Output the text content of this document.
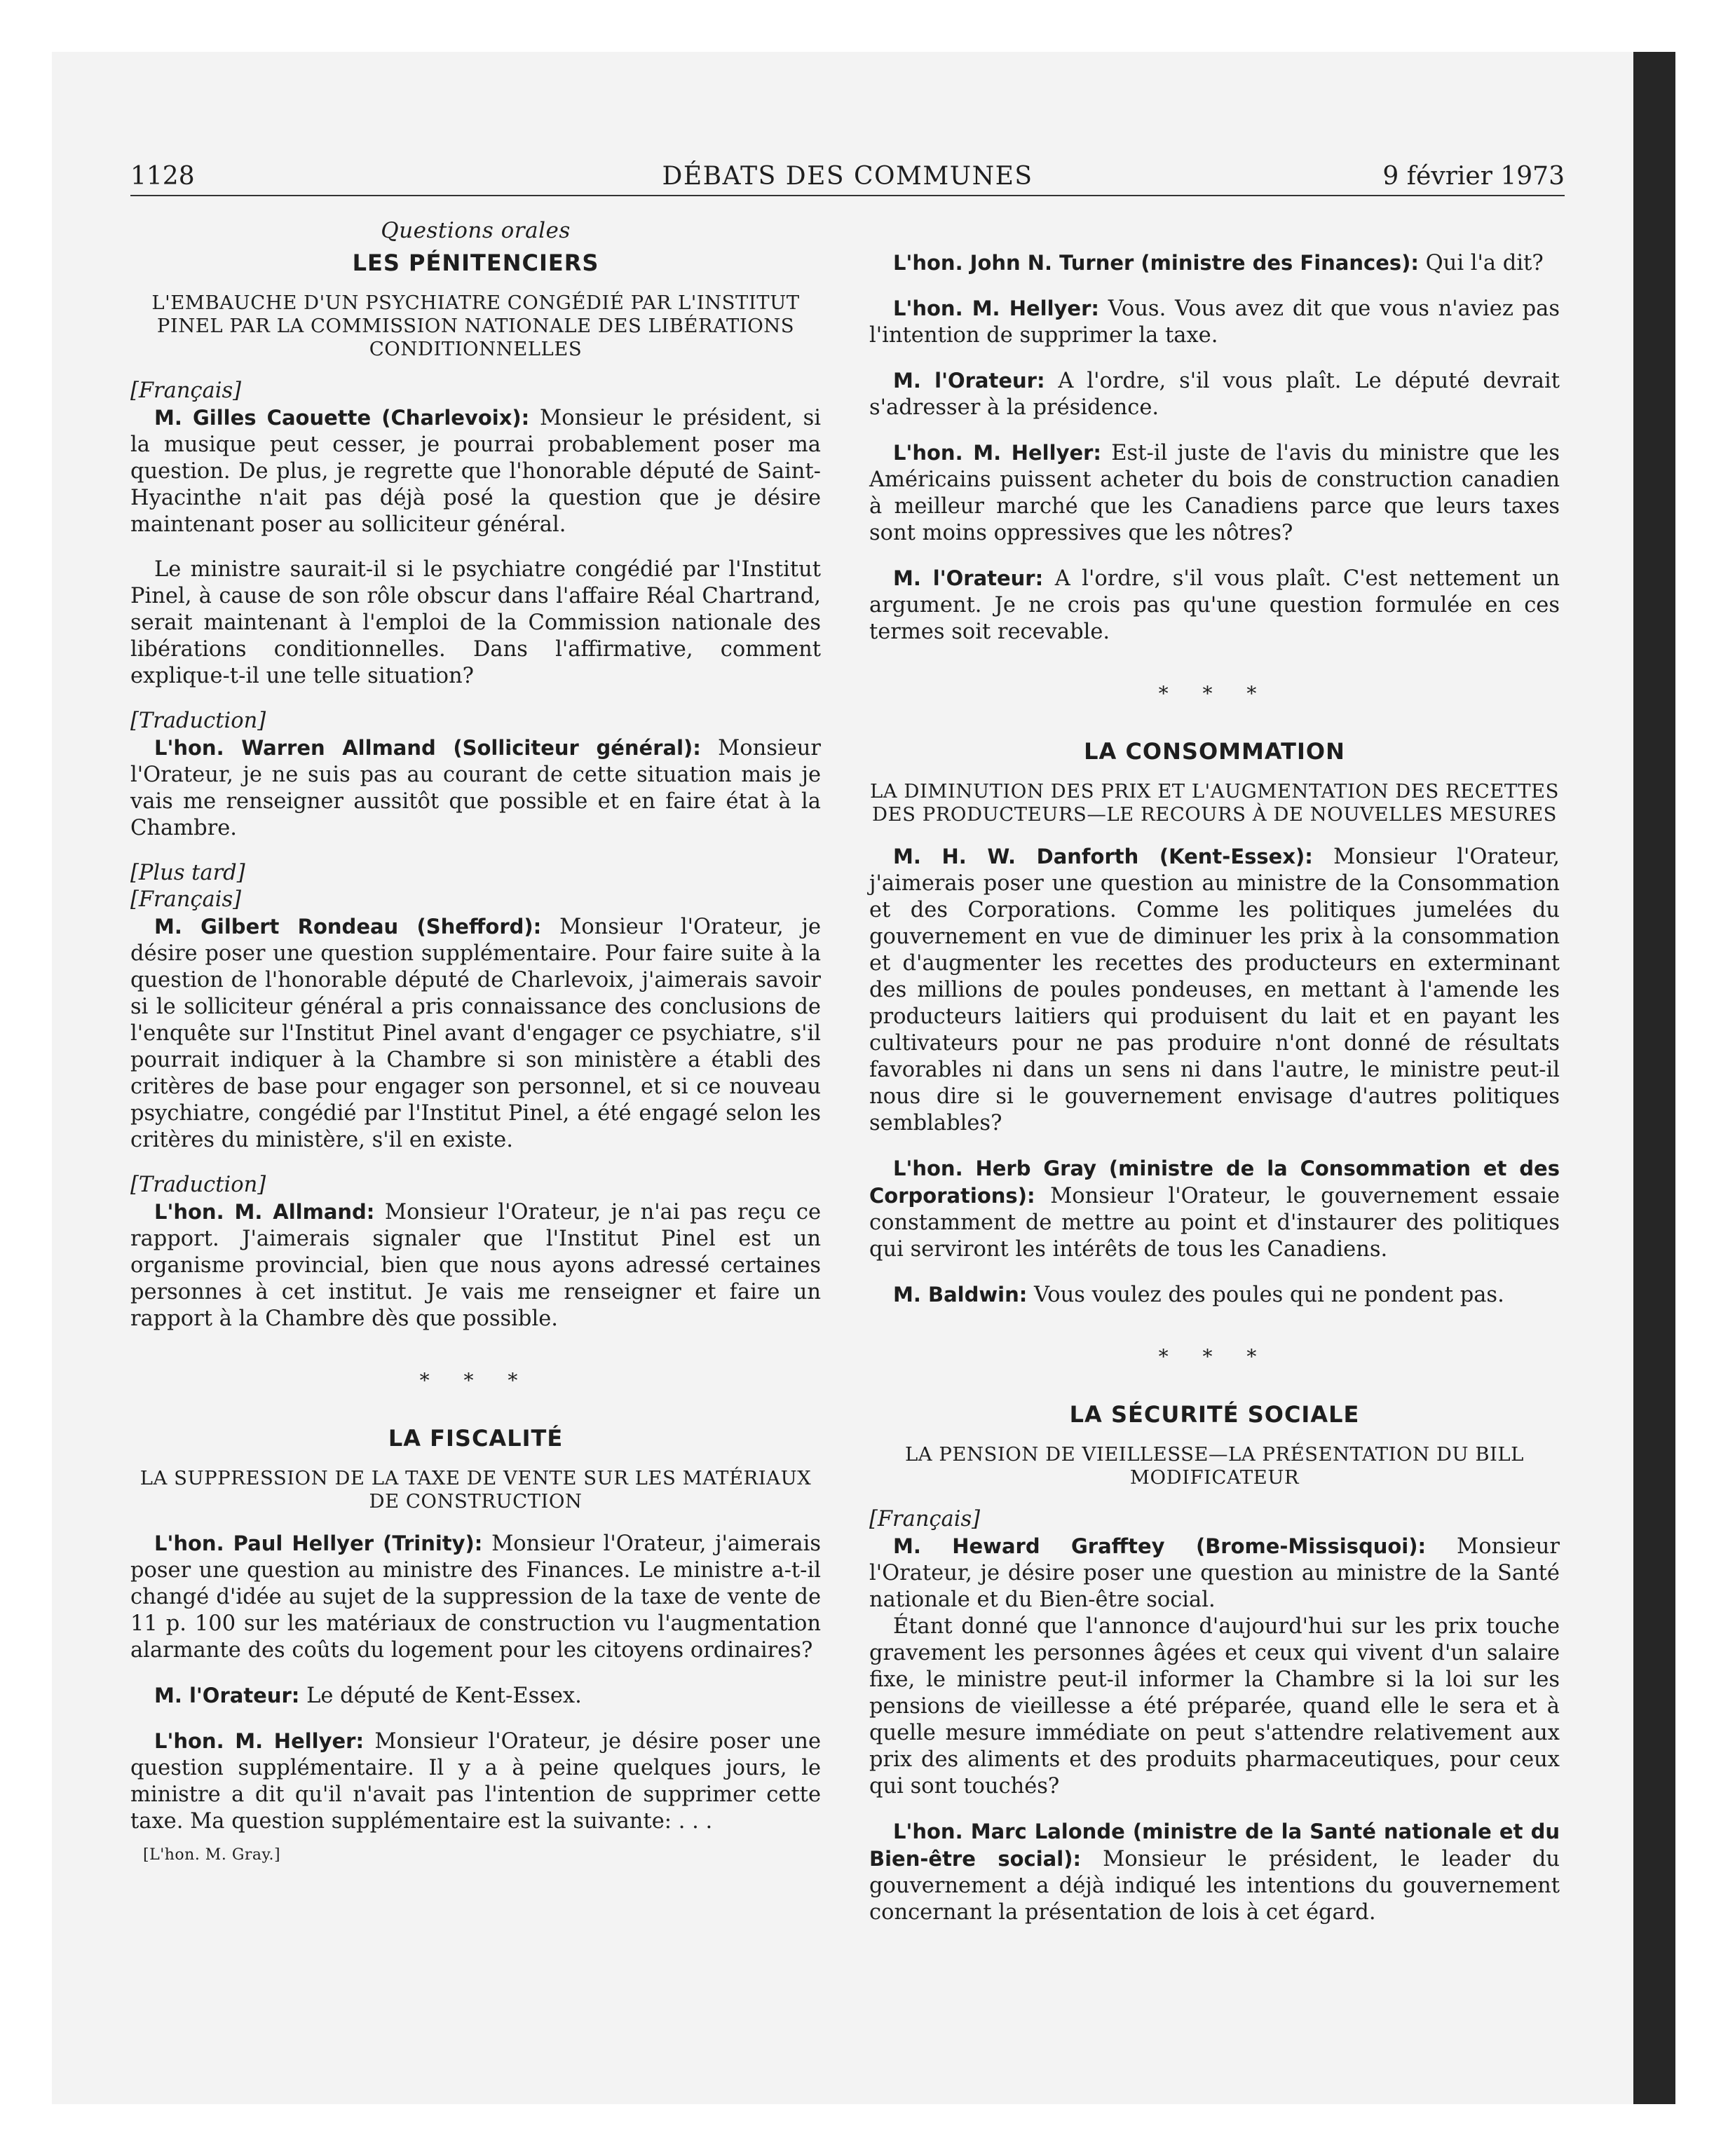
1128	DÉBATS DES COMMUNES	9 février 1973

Questions orales

LES PÉNITENCIERS

L'EMBAUCHE D'UN PSYCHIATRE CONGÉDIÉ PAR L'INSTITUT PINEL PAR LA COMMISSION NATIONALE DES LIBÉRATIONS CONDITIONNELLES

[Français]

M. Gilles Caouette (Charlevoix): Monsieur le président, si la musique peut cesser, je pourrai probablement poser ma question. De plus, je regrette que l'honorable député de Saint-Hyacinthe n'ait pas déjà posé la question que je désire maintenant poser au solliciteur général.

Le ministre saurait-il si le psychiatre congédié par l'Institut Pinel, à cause de son rôle obscur dans l'affaire Réal Chartrand, serait maintenant à l'emploi de la Commission nationale des libérations conditionnelles. Dans l'affirmative, comment explique-t-il une telle situation?

[Traduction]

L'hon. Warren Allmand (Solliciteur général): Monsieur l'Orateur, je ne suis pas au courant de cette situation mais je vais me renseigner aussitôt que possible et en faire état à la Chambre.

[Plus tard]

[Français]

M. Gilbert Rondeau (Shefford): Monsieur l'Orateur, je désire poser une question supplémentaire. Pour faire suite à la question de l'honorable député de Charlevoix, j'aimerais savoir si le solliciteur général a pris connaissance des conclusions de l'enquête sur l'Institut Pinel avant d'engager ce psychiatre, s'il pourrait indiquer à la Chambre si son ministère a établi des critères de base pour engager son personnel, et si ce nouveau psychiatre, congédié par l'Institut Pinel, a été engagé selon les critères du ministère, s'il en existe.

[Traduction]

L'hon. M. Allmand: Monsieur l'Orateur, je n'ai pas reçu ce rapport. J'aimerais signaler que l'Institut Pinel est un organisme provincial, bien que nous ayons adressé certaines personnes à cet institut. Je vais me renseigner et faire un rapport à la Chambre dès que possible.

* * *

LA FISCALITÉ

LA SUPPRESSION DE LA TAXE DE VENTE SUR LES MATÉRIAUX DE CONSTRUCTION

L'hon. Paul Hellyer (Trinity): Monsieur l'Orateur, j'aimerais poser une question au ministre des Finances. Le ministre a-t-il changé d'idée au sujet de la suppression de la taxe de vente de 11 p. 100 sur les matériaux de construction vu l'augmentation alarmante des coûts du logement pour les citoyens ordinaires?

M. l'Orateur: Le député de Kent-Essex.

L'hon. M. Hellyer: Monsieur l'Orateur, je désire poser une question supplémentaire. Il y a à peine quelques jours, le ministre a dit qu'il n'avait pas l'intention de supprimer cette taxe. Ma question supplémentaire est la suivante: . . .

[L'hon. M. Gray.]

L'hon. John N. Turner (ministre des Finances): Qui l'a dit?

L'hon. M. Hellyer: Vous. Vous avez dit que vous n'aviez pas l'intention de supprimer la taxe.

M. l'Orateur: A l'ordre, s'il vous plaît. Le député devrait s'adresser à la présidence.

L'hon. M. Hellyer: Est-il juste de l'avis du ministre que les Américains puissent acheter du bois de construction canadien à meilleur marché que les Canadiens parce que leurs taxes sont moins oppressives que les nôtres?

M. l'Orateur: A l'ordre, s'il vous plaît. C'est nettement un argument. Je ne crois pas qu'une question formulée en ces termes soit recevable.

* * *

LA CONSOMMATION

LA DIMINUTION DES PRIX ET L'AUGMENTATION DES RECETTES DES PRODUCTEURS—LE RECOURS À DE NOUVELLES MESURES

M. H. W. Danforth (Kent-Essex): Monsieur l'Orateur, j'aimerais poser une question au ministre de la Consommation et des Corporations. Comme les politiques jumelées du gouvernement en vue de diminuer les prix à la consommation et d'augmenter les recettes des producteurs en exterminant des millions de poules pondeuses, en mettant à l'amende les producteurs laitiers qui produisent du lait et en payant les cultivateurs pour ne pas produire n'ont donné de résultats favorables ni dans un sens ni dans l'autre, le ministre peut-il nous dire si le gouvernement envisage d'autres politiques semblables?

L'hon. Herb Gray (ministre de la Consommation et des Corporations): Monsieur l'Orateur, le gouvernement essaie constamment de mettre au point et d'instaurer des politiques qui serviront les intérêts de tous les Canadiens.

M. Baldwin: Vous voulez des poules qui ne pondent pas.

* * *

LA SÉCURITÉ SOCIALE

LA PENSION DE VIEILLESSE—LA PRÉSENTATION DU BILL MODIFICATEUR

[Français]

M. Heward Grafftey (Brome-Missisquoi): Monsieur l'Orateur, je désire poser une question au ministre de la Santé nationale et du Bien-être social.

Étant donné que l'annonce d'aujourd'hui sur les prix touche gravement les personnes âgées et ceux qui vivent d'un salaire fixe, le ministre peut-il informer la Chambre si la loi sur les pensions de vieillesse a été préparée, quand elle le sera et à quelle mesure immédiate on peut s'attendre relativement aux prix des aliments et des produits pharmaceutiques, pour ceux qui sont touchés?

L'hon. Marc Lalonde (ministre de la Santé nationale et du Bien-être social): Monsieur le président, le leader du gouvernement a déjà indiqué les intentions du gouvernement concernant la présentation de lois à cet égard.
